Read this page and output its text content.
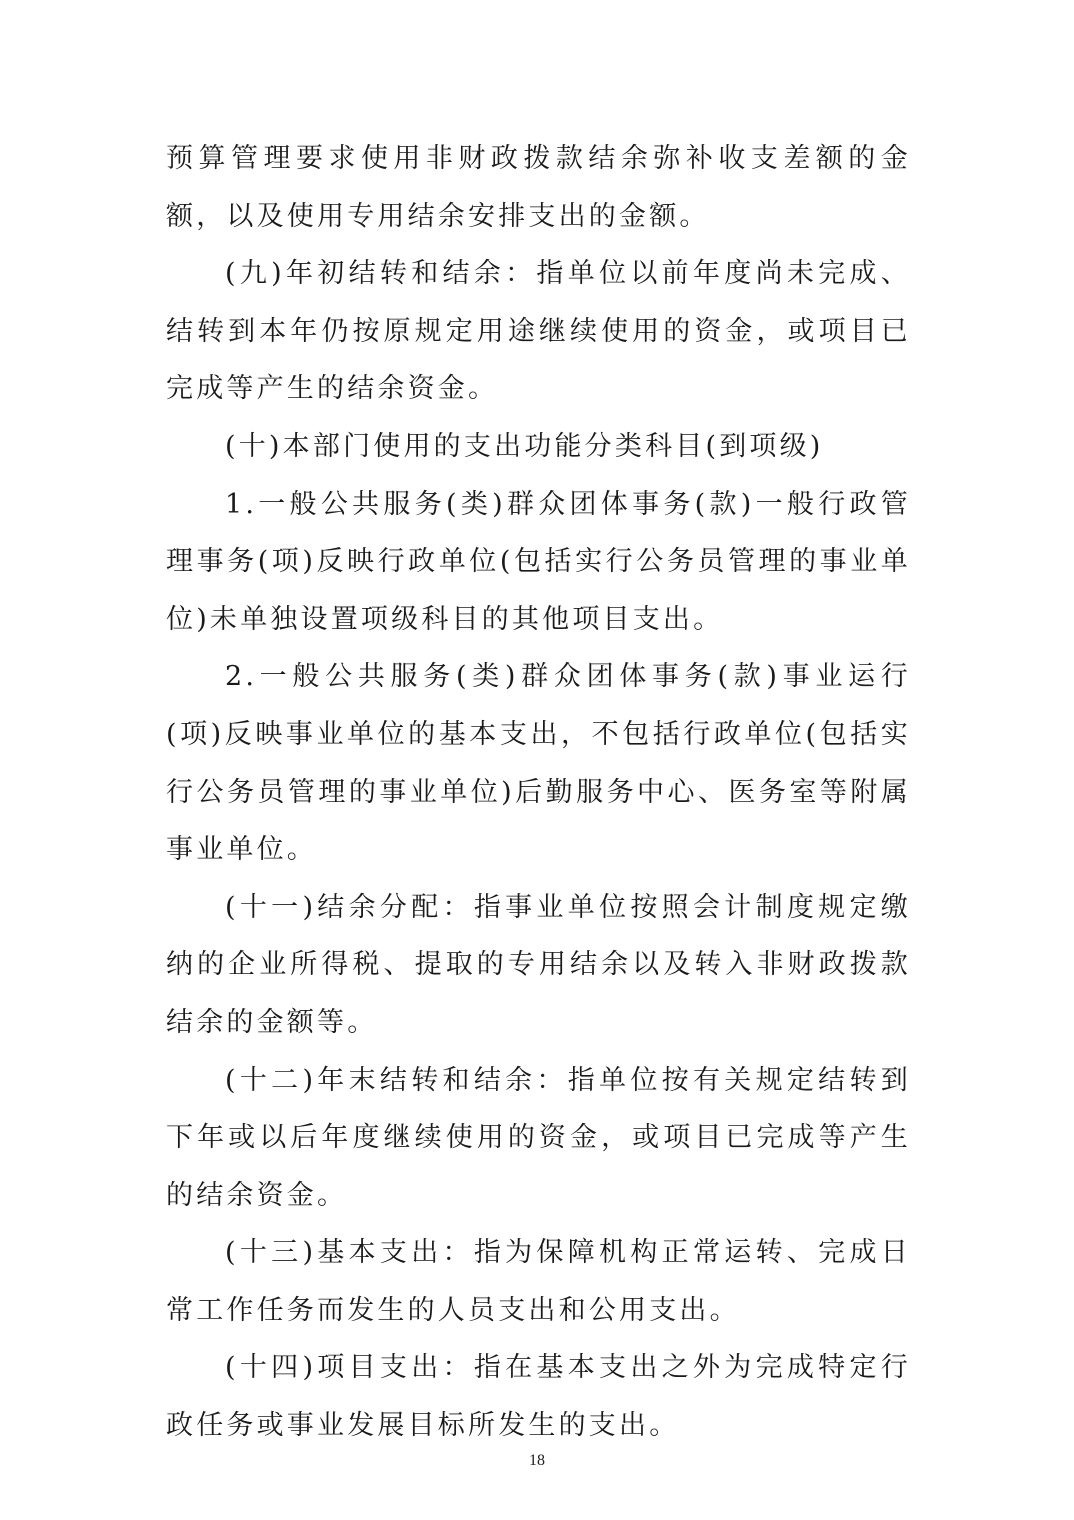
预算管理要求使用非财政拨款结余弥补收支差额的金额，以及使用专用结余安排支出的金额。

(九)年初结转和结余：指单位以前年度尚未完成、结转到本年仍按原规定用途继续使用的资金，或项目已完成等产生的结余资金。

(十)本部门使用的支出功能分类科目(到项级)

1.一般公共服务(类)群众团体事务(款)一般行政管理事务(项)反映行政单位(包括实行公务员管理的事业单位)未单独设置项级科目的其他项目支出。

2.一般公共服务(类)群众团体事务(款)事业运行(项)反映事业单位的基本支出，不包括行政单位(包括实行公务员管理的事业单位)后勤服务中心、医务室等附属事业单位。

(十一)结余分配：指事业单位按照会计制度规定缴纳的企业所得税、提取的专用结余以及转入非财政拨款结余的金额等。

(十二)年末结转和结余：指单位按有关规定结转到下年或以后年度继续使用的资金，或项目已完成等产生的结余资金。

(十三)基本支出：指为保障机构正常运转、完成日常工作任务而发生的人员支出和公用支出。

(十四)项目支出：指在基本支出之外为完成特定行政任务或事业发展目标所发生的支出。

18
